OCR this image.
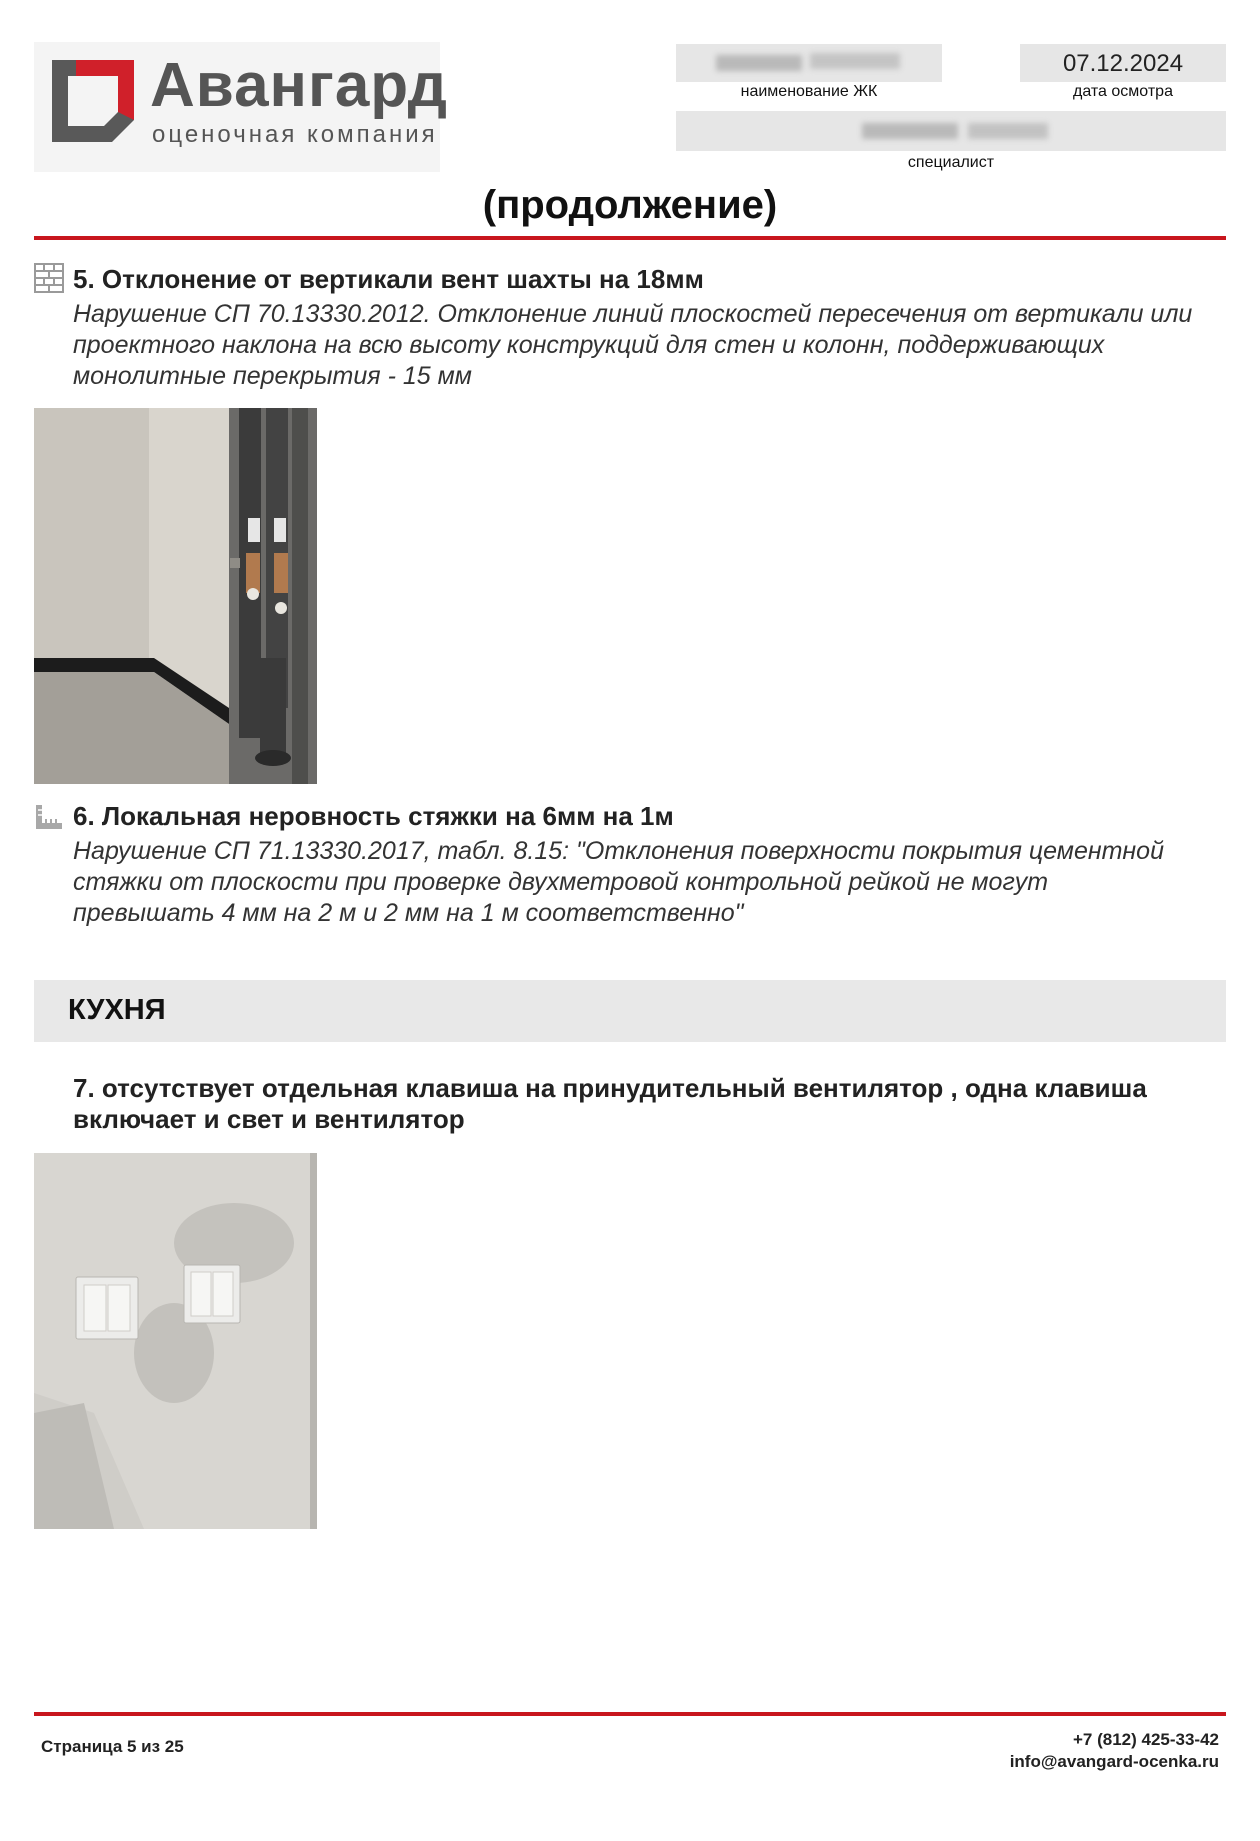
Авангард
оценочная компания
наименование ЖК
07.12.2024
дата осмотра
специалист
(продолжение)
5. Отклонение от вертикали вент шахты на 18мм
Нарушение СП 70.13330.2012. Отклонение линий плоскостей пересечения от вертикали или проектного наклона на всю высоту конструкций для стен и колонн, поддерживающих монолитные перекрытия - 15 мм
6. Локальная неровность стяжки на 6мм на 1м
Нарушение СП 71.13330.2017, табл. 8.15: "Отклонения поверхности покрытия цементной стяжки от плоскости при проверке двухметровой контрольной рейкой не могут превышать 4 мм на 2 м и 2 мм на 1 м соответственно"
КУХНЯ
7. отсутствует отдельная клавиша на принудительный вентилятор , одна клавиша включает и свет и вентилятор
Страница 5 из 25	+7 (812) 425-33-42
info@avangard-ocenka.ru
